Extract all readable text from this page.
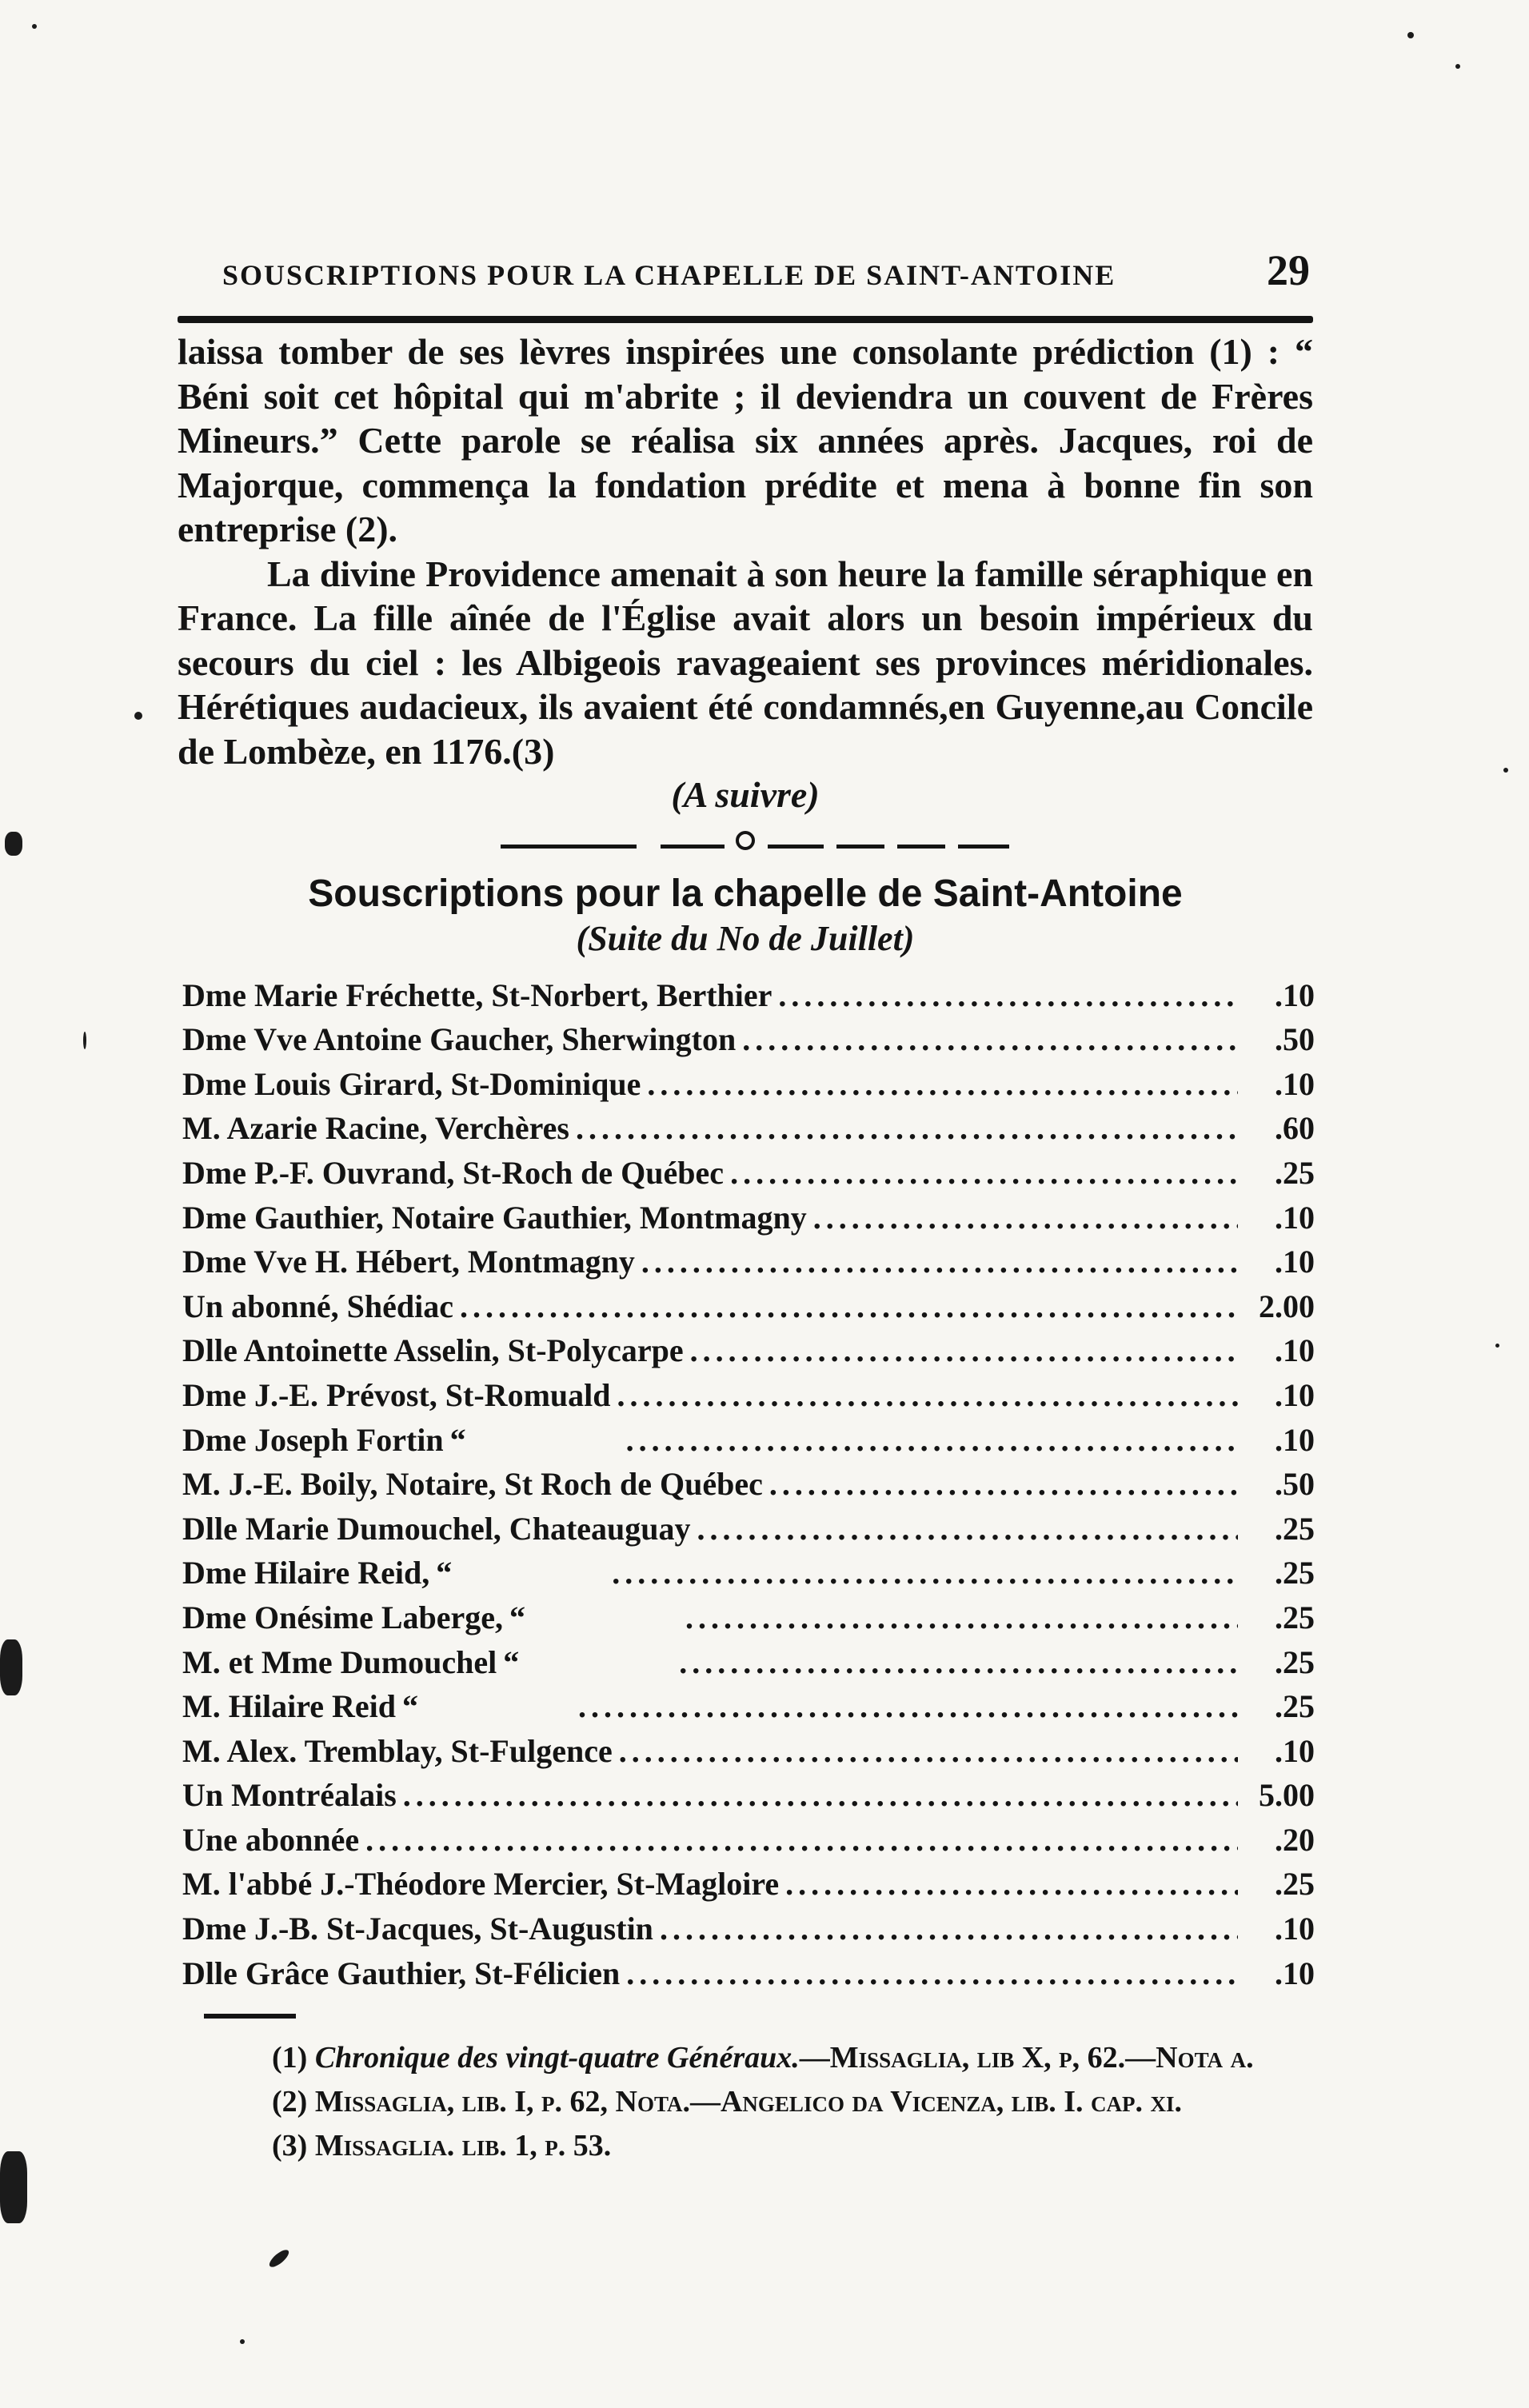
SOUSCRIPTIONS POUR LA CHAPELLE DE SAINT-ANTOINE	29

laissa tomber de ses lèvres inspirées une consolante prédiction (1) : “ Béni soit cet hôpital qui m'abrite ; il deviendra un couvent de Frères Mineurs.” Cette parole se réalisa six années après. Jacques, roi de Majorque, commença la fondation prédite et mena à bonne fin son entreprise (2).

La divine Providence amenait à son heure la famille séraphique en France. La fille aînée de l'Église avait alors un besoin impérieux du secours du ciel : les Albigeois ravageaient ses provinces méridionales. Hérétiques audacieux, ils avaient été condamnés,en Guyenne,au Concile de Lombèze, en 1176.(3)

(A suivre)
Souscriptions pour la chapelle de Saint-Antoine
(Suite du No de Juillet)
Dme Marie Fréchette, St-Norbert, Berthier .....	.10
Dme Vve Antoine Gaucher, Sherwington .....	.50
Dme Louis Girard, St-Dominique .....	.10
M. Azarie Racine, Verchères .....	.60
Dme P.-F. Ouvrand, St-Roch de Québec .....	.25
Dme Gauthier, Notaire Gauthier, Montmagny .....	.10
Dme Vve H. Hébert, Montmagny .....	.10
Un abonné, Shédiac .....	2.00
Dlle Antoinette Asselin, St-Polycarpe .....	.10
Dme J.-E. Prévost, St-Romuald .....	.10
Dme Joseph Fortin “ .....	.10
M. J.-E. Boily, Notaire, St Roch de Québec .....	.50
Dlle Marie Dumouchel, Chateauguay .....	.25
Dme Hilaire Reid, “ .....	.25
Dme Onésime Laberge, “ .....	.25
M. et Mme Dumouchel “ .....	.25
M. Hilaire Reid “ .....	.25
M. Alex. Tremblay, St-Fulgence .....	.10
Un Montréalais .....	5.00
Une abonnée .....	.20
M. l'abbé J.-Théodore Mercier, St-Magloire .....	.25
Dme J.-B. St-Jacques, St-Augustin .....	.10
Dlle Grâce Gauthier, St-Félicien .....	.10

(1) Chronique des vingt-quatre Généraux.—Missaglia, lib X, p, 62.—Nota a.

(2) Missaglia, lib. I, p. 62, Nota.—Angelico da Vicenza, lib. I. cap. xi.

(3) Missaglia. lib. 1, p. 53.
